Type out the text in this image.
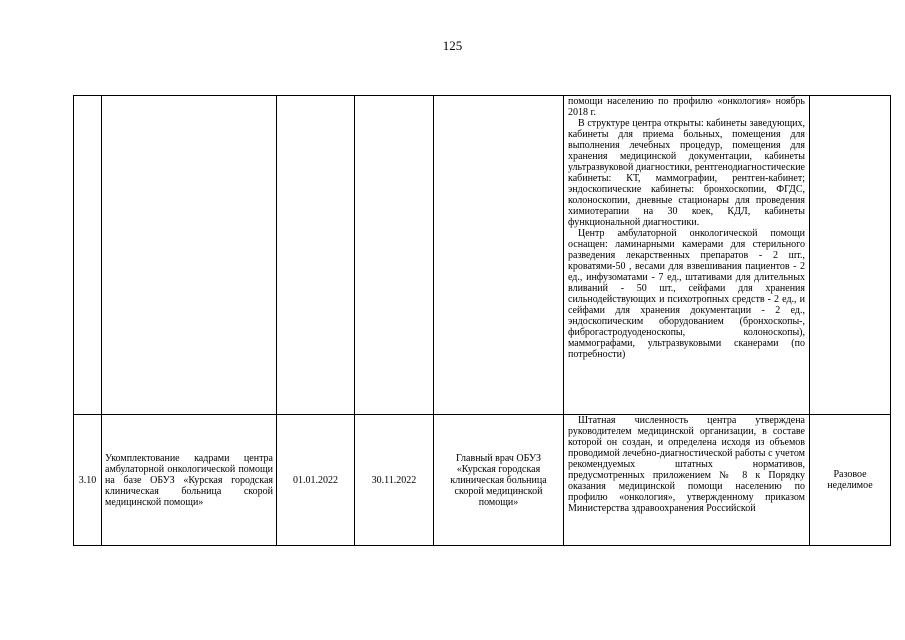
125

					помощи населению по профилю «онкология» ноябрь 2018 г.

В структуре центра открыты: кабинеты заведующих, кабинеты для приема больных, помещения для выполнения лечебных процедур, помещения для хранения медицинской документации, кабинеты ультразвуковой диагностики, рентгенодиагностические кабинеты: КТ, маммографии, рентген-кабинет; эндоскопические кабинеты: бронхоскопии, ФГДС, колоноскопии, дневные стационары для проведения химиотерапии на 30 коек, КДЛ, кабинеты функциональной диагностики.

Центр амбулаторной онкологической помощи оснащен: ламинарными камерами для стерильного разведения лекарственных препаратов - 2 шт., кроватями-50 , весами для взвешивания пациентов - 2 ед., инфузоматами - 7 ед., штативами для длительных вливаний - 50 шт., сейфами для хранения сильнодействующих и психотропных средств - 2 ед., и сейфами для хранения документации - 2 ед., эндоскопическим оборудованием (бронхоскопы-, фиброгастродуоденоскопы, колоноскопы), маммографами, ультразвуковыми сканерами (по потребности)	

3.10	Укомплектование кадрами центра амбулаторной онкологической помощи на базе ОБУЗ «Курская городская клиническая больница скорой медицинской помощи»	01.01.2022	30.11.2022	Главный врач ОБУЗ «Курская городская клиническая больница скорой медицинской помощи»	Штатная численность центра утверждена руководителем медицинской организации, в составе которой он создан, и определена исходя из объемов проводимой лечебно-диагностической работы с учетом рекомендуемых штатных нормативов, предусмотренных приложением № 8 к Порядку оказания медицинской помощи населению по профилю «онкология», утвержденному приказом Министерства здравоохранения Российской	Разовое неделимое
